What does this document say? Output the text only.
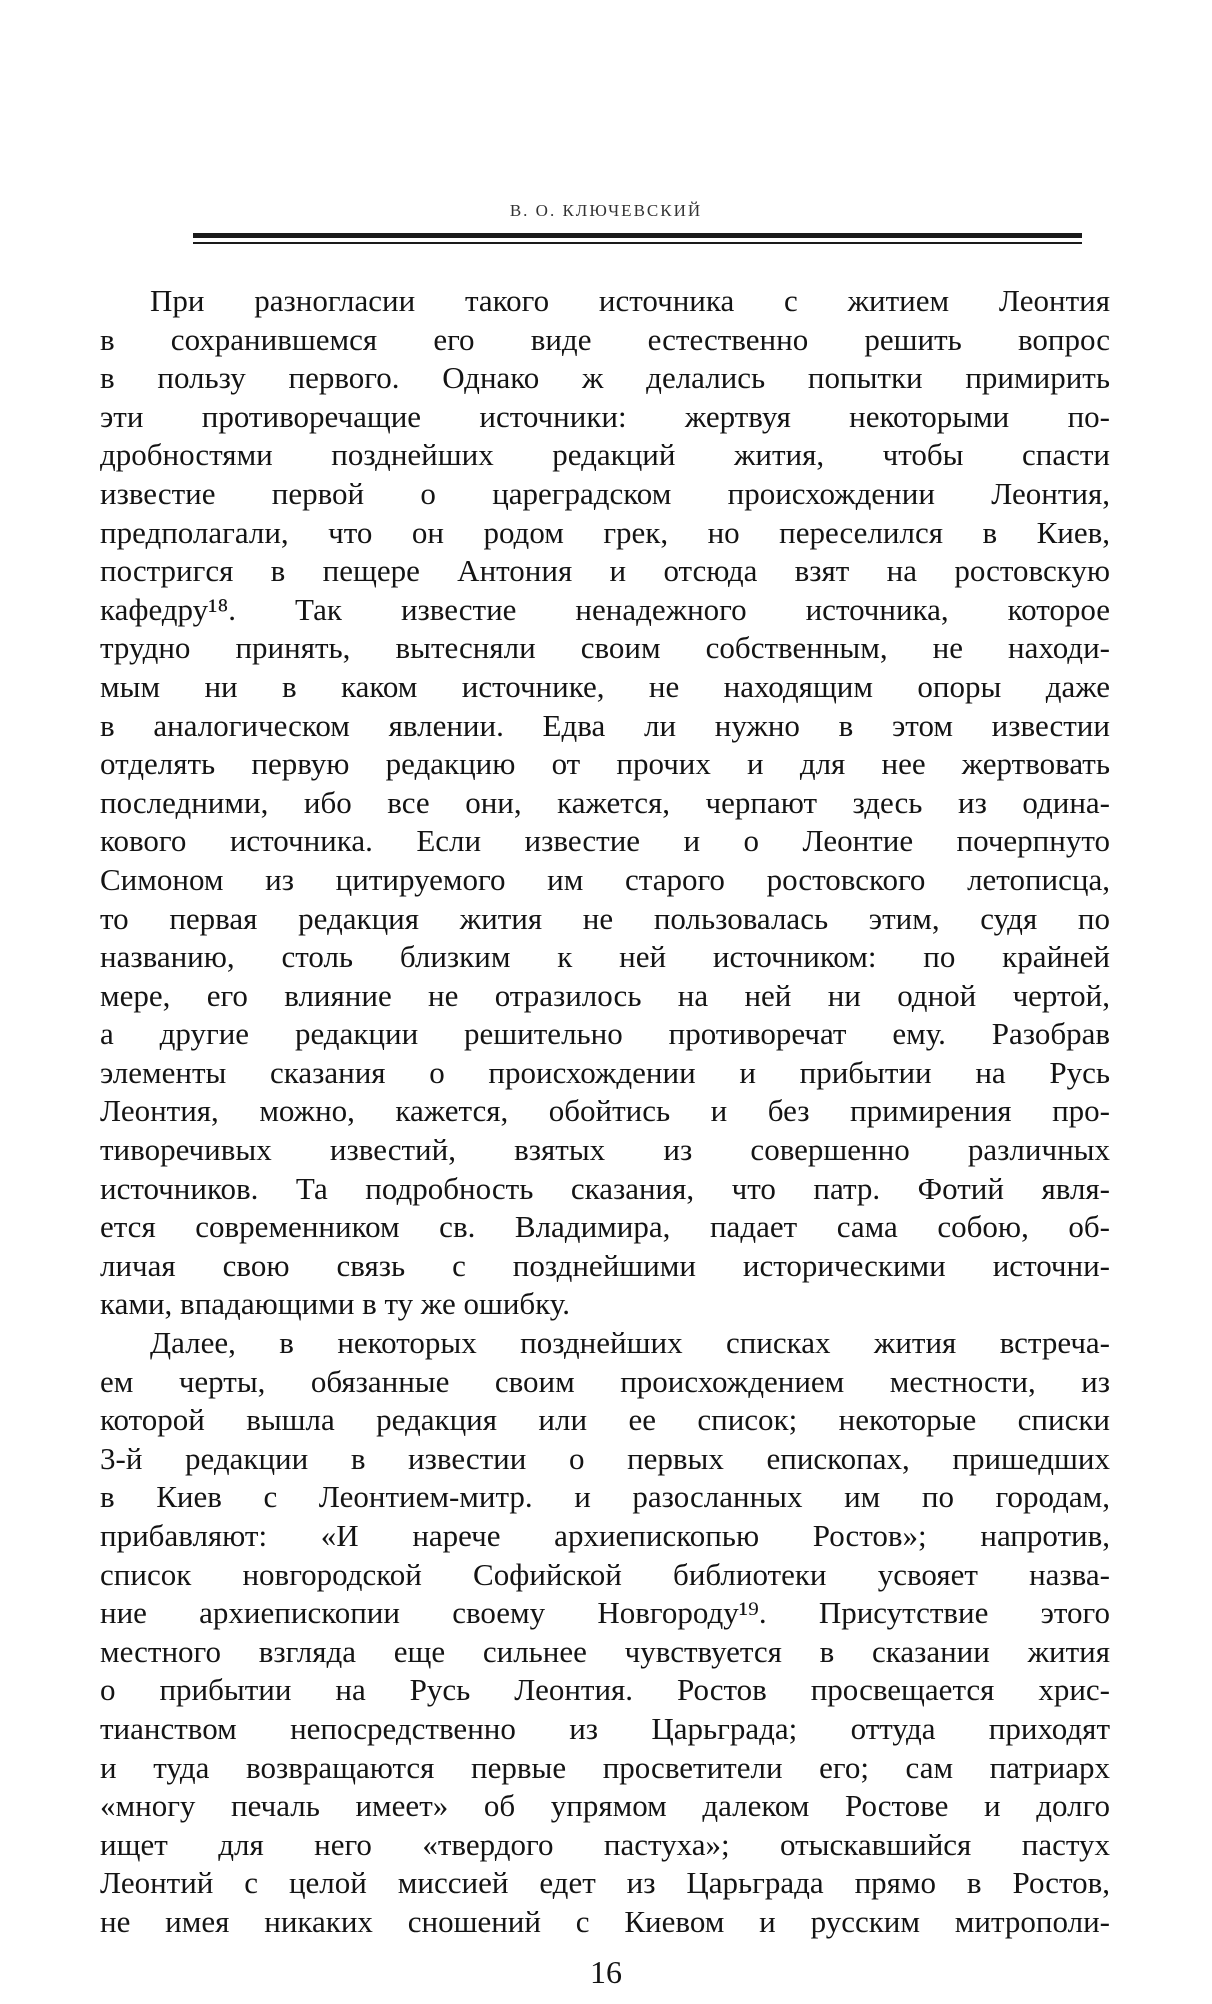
В. О. КЛЮЧЕВСКИЙ
При разногласии такого источника с житием Леонтия
в сохранившемся его виде естественно решить вопрос
в пользу первого. Однако ж делались попытки примирить
эти противоречащие источники: жертвуя некоторыми по-
дробностями позднейших редакций жития, чтобы спасти
известие первой о цареградском происхождении Леонтия,
предполагали, что он родом грек, но переселился в Киев,
постригся в пещере Антония и отсюда взят на ростовскую
кафедру¹⁸. Так известие ненадежного источника, которое
трудно принять, вытесняли своим собственным, не находи-
мым ни в каком источнике, не находящим опоры даже
в аналогическом явлении. Едва ли нужно в этом известии
отделять первую редакцию от прочих и для нее жертвовать
последними, ибо все они, кажется, черпают здесь из одина-
кового источника. Если известие и о Леонтие почерпнуто
Симоном из цитируемого им старого ростовского летописца,
то первая редакция жития не пользовалась этим, судя по
названию, столь близким к ней источником: по крайней
мере, его влияние не отразилось на ней ни одной чертой,
а другие редакции решительно противоречат ему. Разобрав
элементы сказания о происхождении и прибытии на Русь
Леонтия, можно, кажется, обойтись и без примирения про-
тиворечивых известий, взятых из совершенно различных
источников. Та подробность сказания, что патр. Фотий явля-
ется современником св. Владимира, падает сама собою, об-
личая свою связь с позднейшими историческими источни-
ками, впадающими в ту же ошибку.
Далее, в некоторых позднейших списках жития встреча-
ем черты, обязанные своим происхождением местности, из
которой вышла редакция или ее список; некоторые списки
3-й редакции в известии о первых епископах, пришедших
в Киев с Леонтием-митр. и разосланных им по городам,
прибавляют: «И нарече архиепископью Ростов»; напротив,
список новгородской Софийской библиотеки усвояет назва-
ние архиепископии своему Новгороду¹⁹. Присутствие этого
местного взгляда еще сильнее чувствуется в сказании жития
о прибытии на Русь Леонтия. Ростов просвещается хрис-
тианством непосредственно из Царьграда; оттуда приходят
и туда возвращаются первые просветители его; сам патриарх
«многу печаль имеет» об упрямом далеком Ростове и долго
ищет для него «твердого пастуха»; отыскавшийся пастух
Леонтий с целой миссией едет из Царьграда прямо в Ростов,
не имея никаких сношений с Киевом и русским митрополи-
16
